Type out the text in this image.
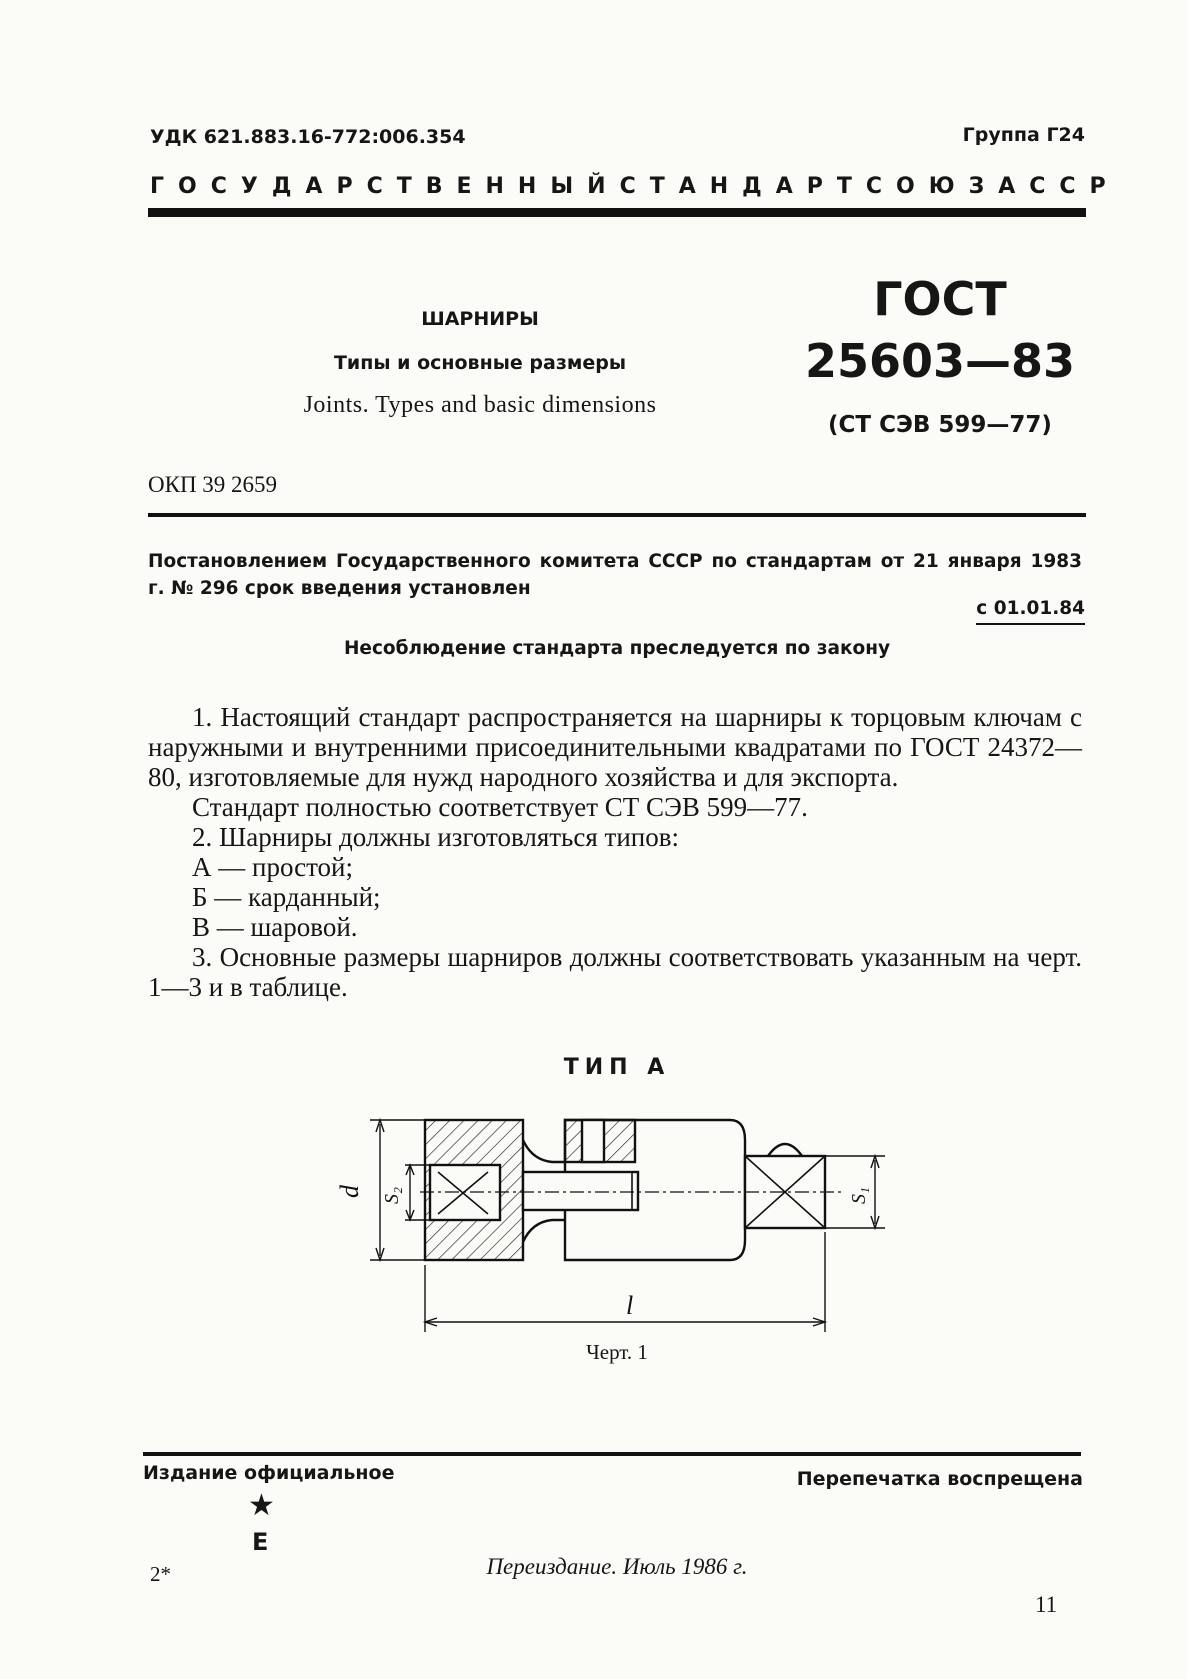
УДК 621.883.16-772:006.354	Группа Г24
ГОСУДАРСТВЕННЫЙ СТАНДАРТ СОЮЗА ССР
ШАРНИРЫ
Типы и основные размеры
Joints. Types and basic dimensions
ГОСТ
25603—83
(СТ СЭВ 599—77)
ОКП 39 2659
Постановлением Государственного комитета СССР по стандартам от 21 января 1983 г. № 296 срок введения установлен
с 01.01.84
Несоблюдение стандарта преследуется по закону

1. Настоящий стандарт распространяется на шарниры к торцовым ключам с наружными и внутренними присоединительными квадратами по ГОСТ 24372—80, изготовляемые для нужд народного хозяйства и для экспорта.

Стандарт полностью соответствует СТ СЭВ 599—77.

2. Шарниры должны изготовляться типов:

А — простой;

Б — карданный;

В — шаровой.

3. Основные размеры шарниров должны соответствовать указанным на черт. 1—3 и в таблице.

ТИП А
d S₂	S₁
l
Черт. 1
Издание официальное	Перепечатка воспрещена
★
Е
Переиздание. Июль 1986 г.
2*
11
